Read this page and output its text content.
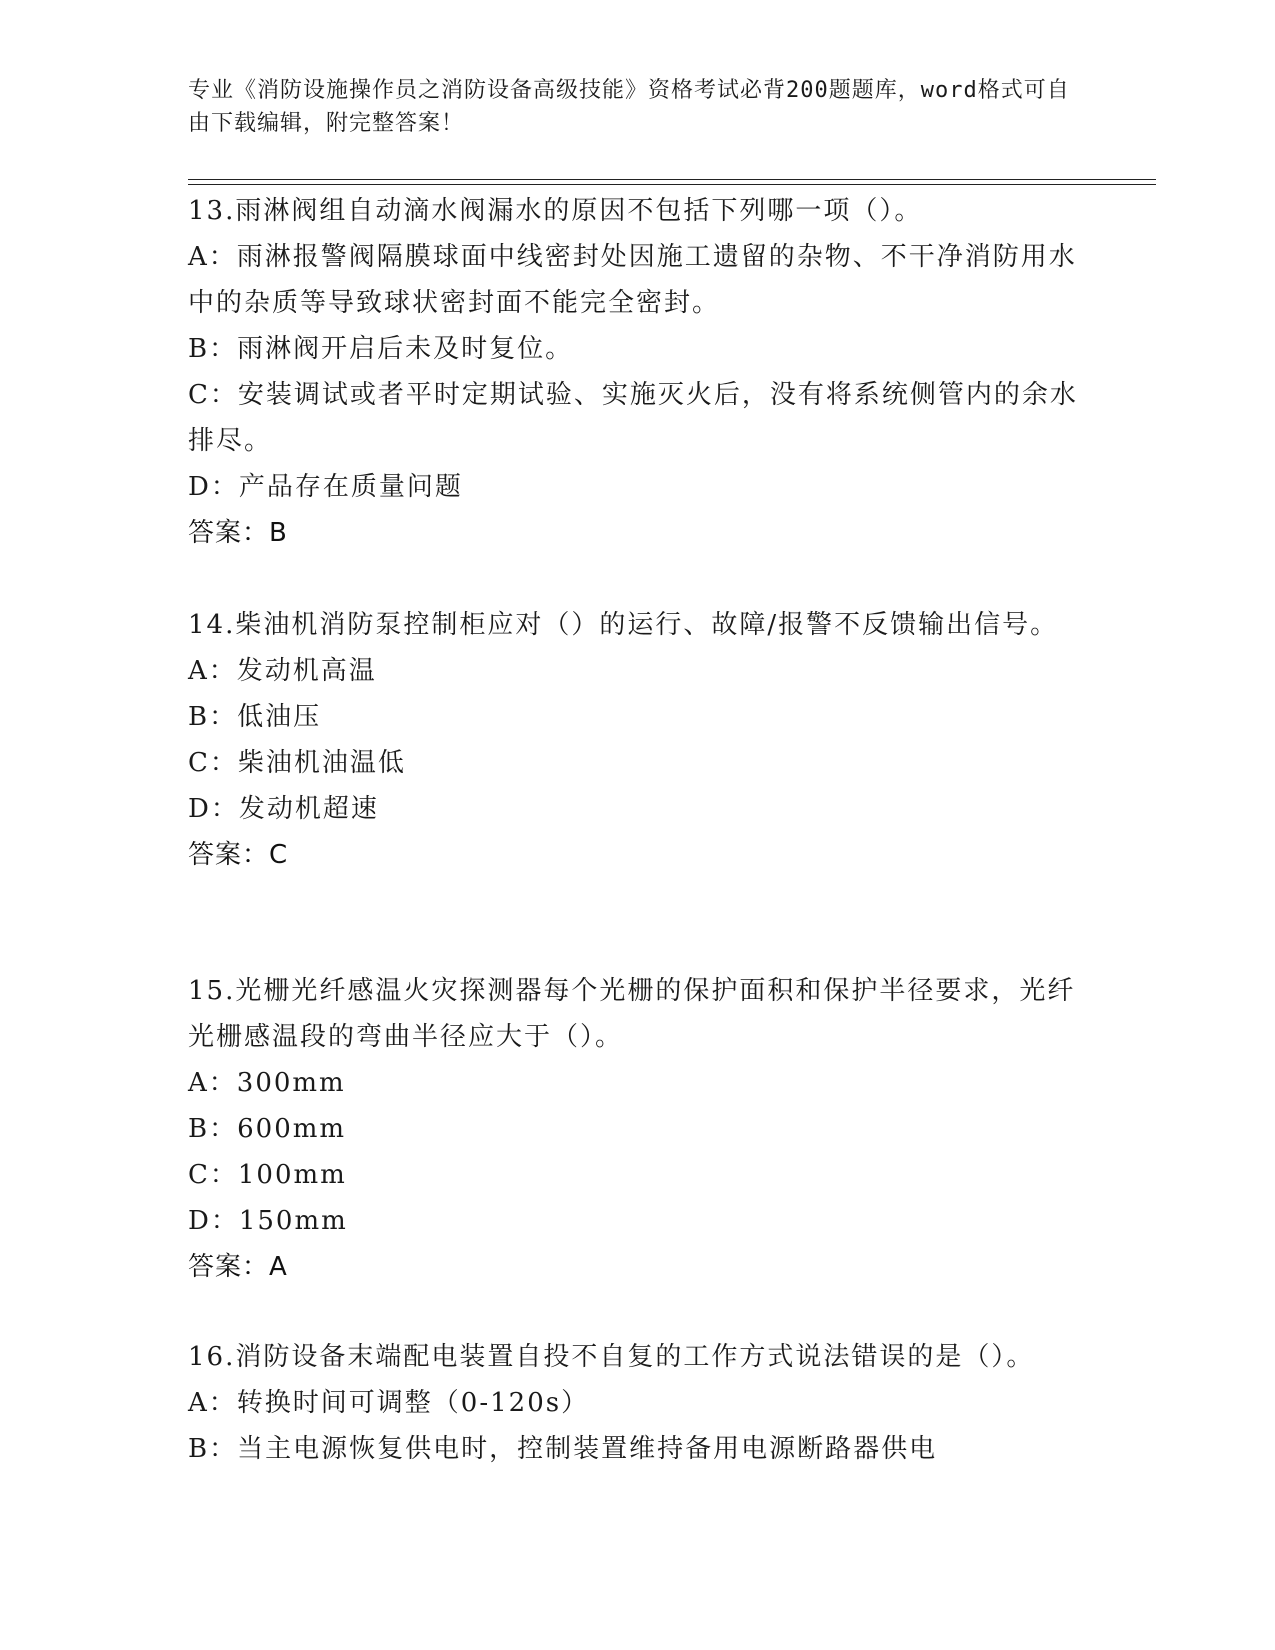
专业《消防设施操作员之消防设备高级技能》资格考试必背200题题库，word格式可自由下载编辑，附完整答案！

13.雨淋阀组自动滴水阀漏水的原因不包括下列哪一项（）。

A：雨淋报警阀隔膜球面中线密封处因施工遗留的杂物、不干净消防用水中的杂质等导致球状密封面不能完全密封。

B：雨淋阀开启后未及时复位。

C：安装调试或者平时定期试验、实施灭火后，没有将系统侧管内的余水排尽。

D：产品存在质量问题

答案：B

14.柴油机消防泵控制柜应对（）的运行、故障/报警不反馈输出信号。

A：发动机高温

B：低油压

C：柴油机油温低

D：发动机超速

答案：C

15.光栅光纤感温火灾探测器每个光栅的保护面积和保护半径要求，光纤光栅感温段的弯曲半径应大于（）。

A：300mm

B：600mm

C：100mm

D：150mm

答案：A

16.消防设备末端配电装置自投不自复的工作方式说法错误的是（）。

A：转换时间可调整（0-120s）

B：当主电源恢复供电时，控制装置维持备用电源断路器供电
